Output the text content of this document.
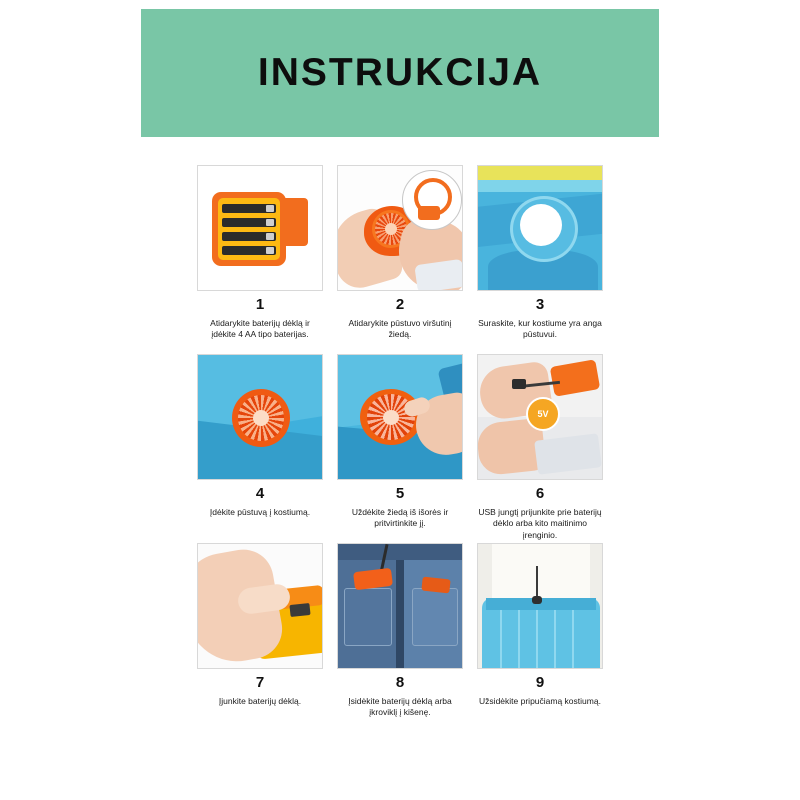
INSTRUKCIJA
1
Atidarykite baterijų dėklą ir įdėkite 4 AA tipo baterijas.
2
Atidarykite pūstuvo viršutinį žiedą.
3
Suraskite, kur kostiume yra anga pūstuvui.
4
Įdėkite pūstuvą į kostiumą.
5
Uždėkite žiedą iš išorės ir pritvirtinkite jį.
5V
6
USB jungtį prijunkite prie baterijų dėklo arba kito maitinimo įrenginio.
7
Įjunkite baterijų dėklą.
8
Įsidėkite baterijų dėklą arba įkroviklį į kišenę.
9
Užsidėkite pripučiamą kostiumą.
